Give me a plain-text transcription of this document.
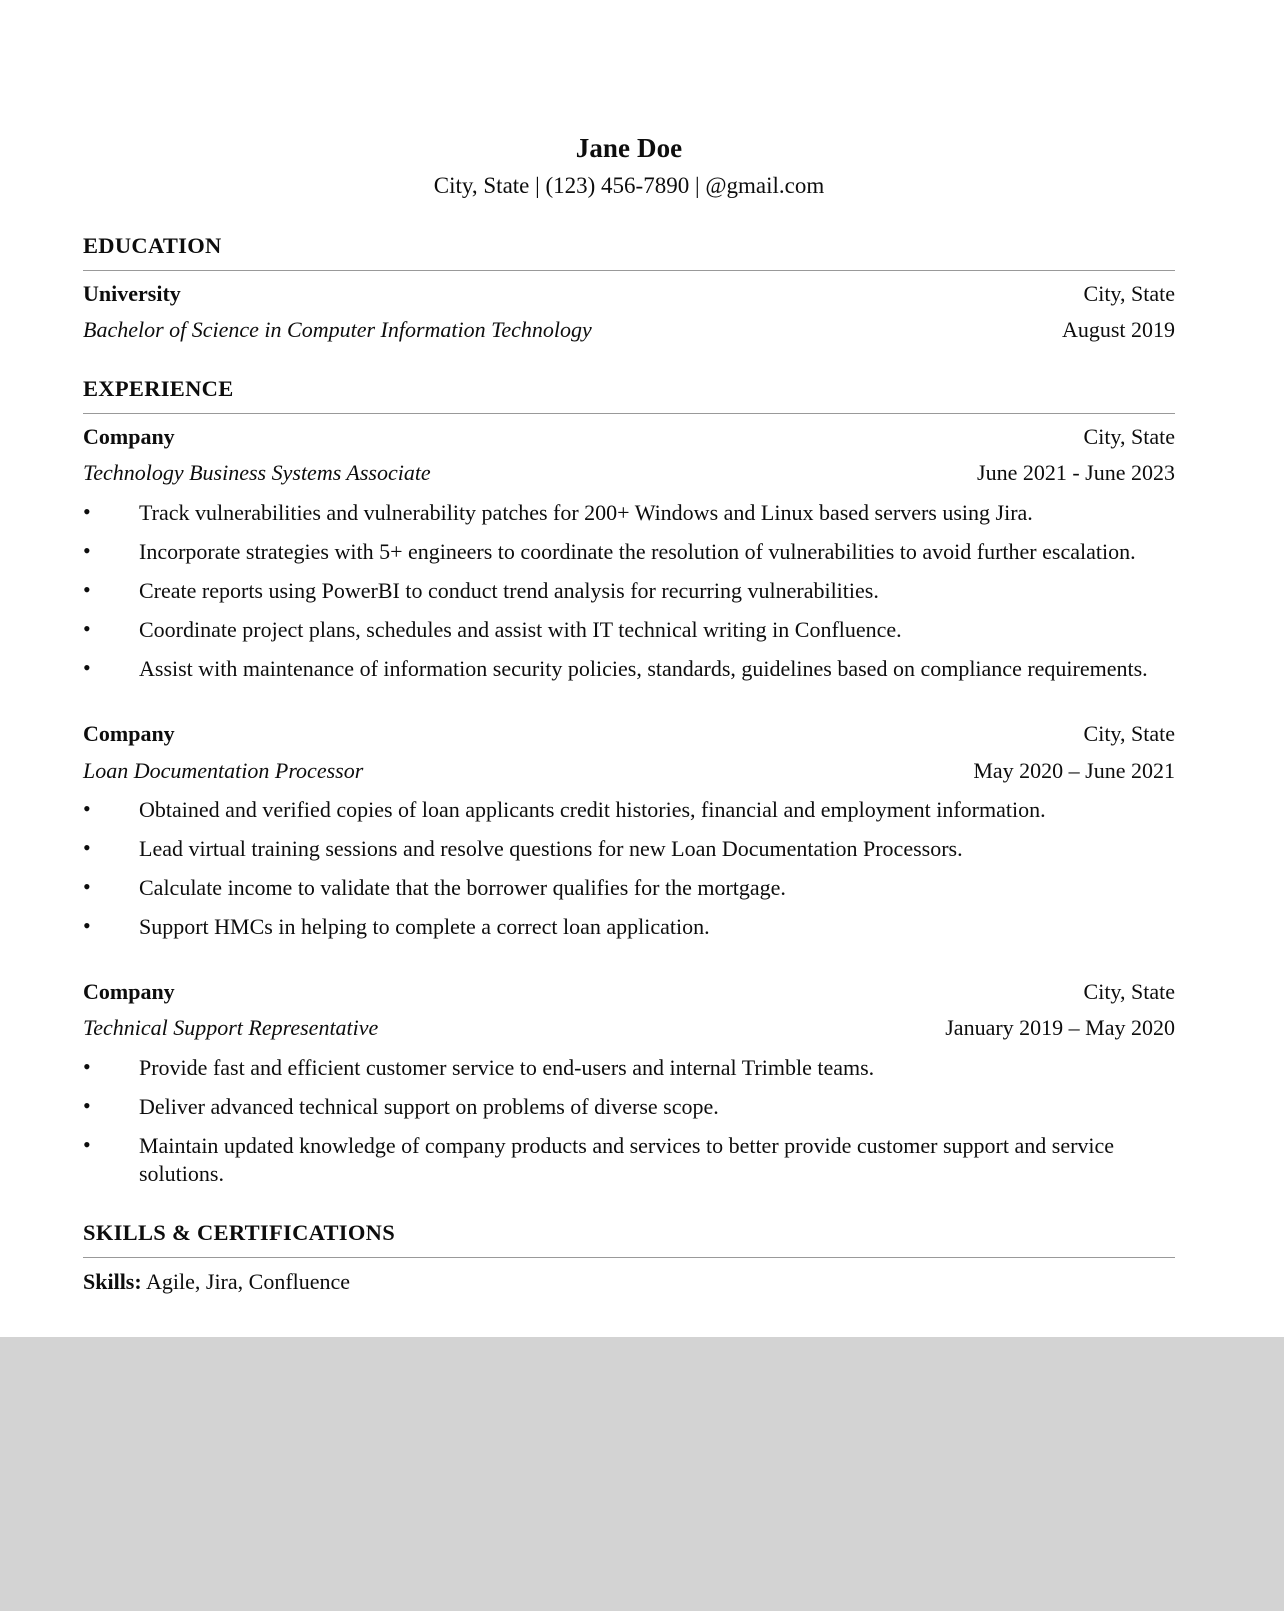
Jane Doe
City, State | (123) 456-7890 | @gmail.com
EDUCATION
University	City, State
Bachelor of Science in Computer Information Technology	August 2019
EXPERIENCE
Company	City, State
Technology Business Systems Associate	June 2021 - June 2023
• Track vulnerabilities and vulnerability patches for 200+ Windows and Linux based servers using Jira.
• Incorporate strategies with 5+ engineers to coordinate the resolution of vulnerabilities to avoid further escalation.
• Create reports using PowerBI to conduct trend analysis for recurring vulnerabilities.
• Coordinate project plans, schedules and assist with IT technical writing in Confluence.
• Assist with maintenance of information security policies, standards, guidelines based on compliance requirements.
Company	City, State
Loan Documentation Processor	May 2020 – June 2021
• Obtained and verified copies of loan applicants credit histories, financial and employment information.
• Lead virtual training sessions and resolve questions for new Loan Documentation Processors.
• Calculate income to validate that the borrower qualifies for the mortgage.
• Support HMCs in helping to complete a correct loan application.
Company	City, State
Technical Support Representative	January 2019 – May 2020
• Provide fast and efficient customer service to end-users and internal Trimble teams.
• Deliver advanced technical support on problems of diverse scope.
• Maintain updated knowledge of company products and services to better provide customer support and service solutions.
SKILLS & CERTIFICATIONS
Skills: Agile, Jira, Confluence
